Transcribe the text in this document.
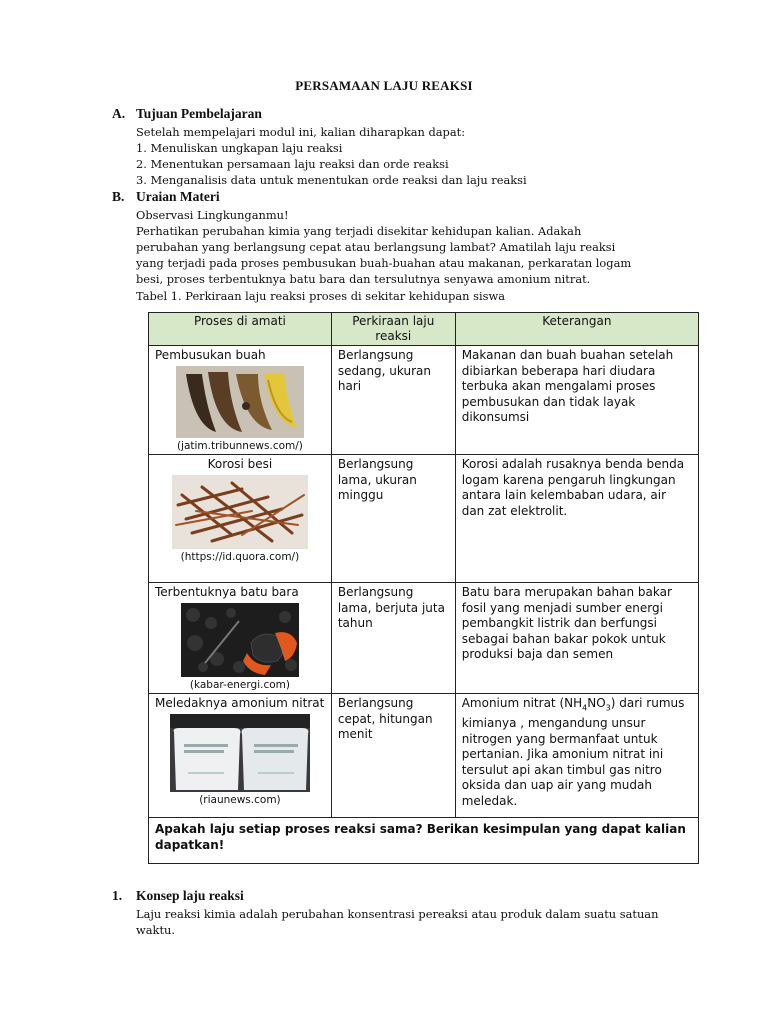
PERSAMAAN LAJU REAKSI
A. Tujuan Pembelajaran
Setelah mempelajari modul ini, kalian diharapkan dapat:
1. Menuliskan ungkapan laju reaksi
2. Menentukan persamaan laju reaksi dan orde reaksi
3. Menganalisis data untuk menentukan orde reaksi dan laju reaksi
B. Uraian Materi
Observasi Lingkunganmu!
Perhatikan perubahan kimia yang terjadi disekitar kehidupan kalian. Adakah
perubahan yang berlangsung cepat atau berlangsung lambat? Amatilah laju reaksi
yang terjadi pada proses pembusukan buah-buahan atau makanan, perkaratan logam
besi, proses terbentuknya batu bara dan tersulutnya senyawa amonium nitrat.
Tabel 1. Perkiraan laju reaksi proses di sekitar kehidupan siswa
Proses di amati	Perkiraan laju reaksi	Keterangan

Pembusukan buah
(jatim.tribunnews.com/)	Berlangsung sedang, ukuran hari	Makanan dan buah buahan setelah dibiarkan beberapa hari diudara terbuka akan mengalami proses pembusukan dan tidak layak dikonsumsi

Korosi besi
(https://id.quora.com/)	Berlangsung lama, ukuran minggu	Korosi adalah rusaknya benda benda logam karena pengaruh lingkungan antara lain kelembaban udara, air dan zat elektrolit.

Terbentuknya batu bara
(kabar-energi.com)	Berlangsung lama, berjuta juta tahun	Batu bara merupakan bahan bakar fosil yang menjadi sumber energi pembangkit listrik dan berfungsi sebagai bahan bakar pokok untuk produksi baja dan semen

Meledaknya amonium nitrat
(riaunews.com)	Berlangsung cepat, hitungan menit	Amonium nitrat $(NH_4NO_3)$ dari rumus kimianya , mengandung unsur nitrogen yang bermanfaat untuk pertanian. Jika amonium nitrat ini tersulut api akan timbul gas nitro oksida dan uap air yang mudah meledak.

Apakah laju setiap proses reaksi sama? Berikan kesimpulan yang dapat kalian dapatkan!		
1. Konsep laju reaksi
Laju reaksi kimia adalah perubahan konsentrasi pereaksi atau produk dalam suatu satuan
waktu.
